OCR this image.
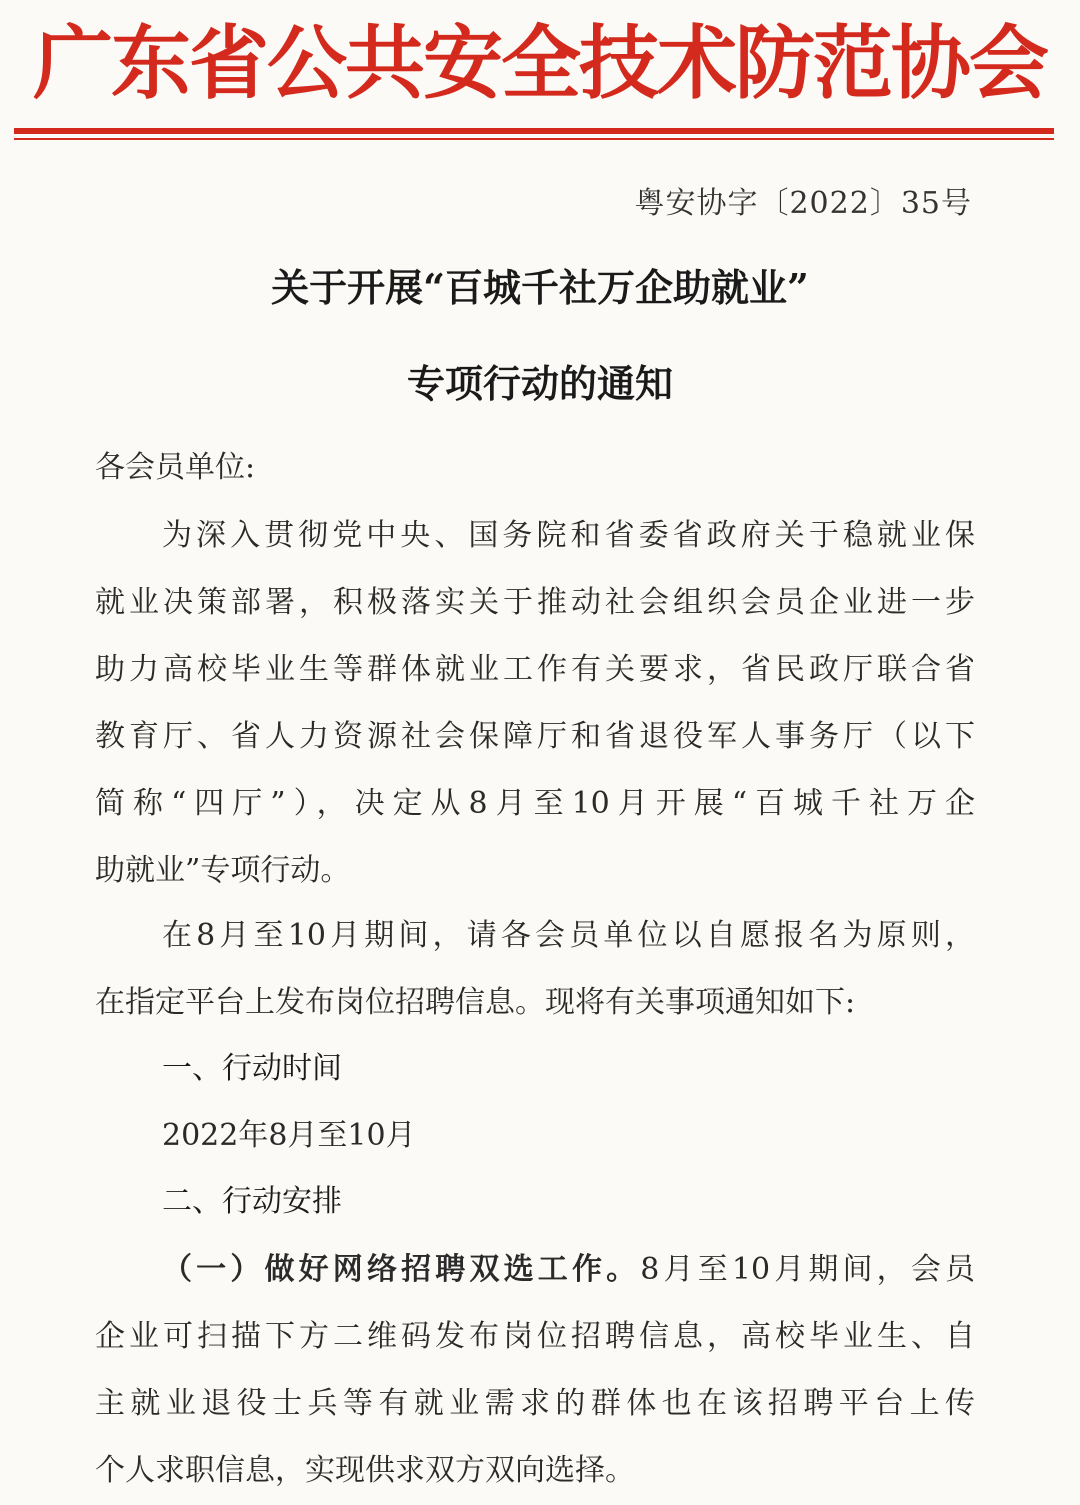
广东省公共安全技术防范协会
粤安协字〔2022〕35号
关于开展“百城千社万企助就业”
专项行动的通知
各会员单位:
为深入贯彻党中央、国务院和省委省政府关于稳就业保
就业决策部署，积极落实关于推动社会组织会员企业进一步
助力高校毕业生等群体就业工作有关要求，省民政厅联合省
教育厅、省人力资源社会保障厅和省退役军人事务厅（以下
简称“四厅”），决定从8月至10月开展“百城千社万企
助就业”专项行动。
在8月至10月期间，请各会员单位以自愿报名为原则，
在指定平台上发布岗位招聘信息。现将有关事项通知如下:
一、行动时间
2022年8月至10月
二、行动安排
（一）做好网络招聘双选工作。8月至10月期间，会员
企业可扫描下方二维码发布岗位招聘信息，高校毕业生、自
主就业退役士兵等有就业需求的群体也在该招聘平台上传
个人求职信息，实现供求双方双向选择。
